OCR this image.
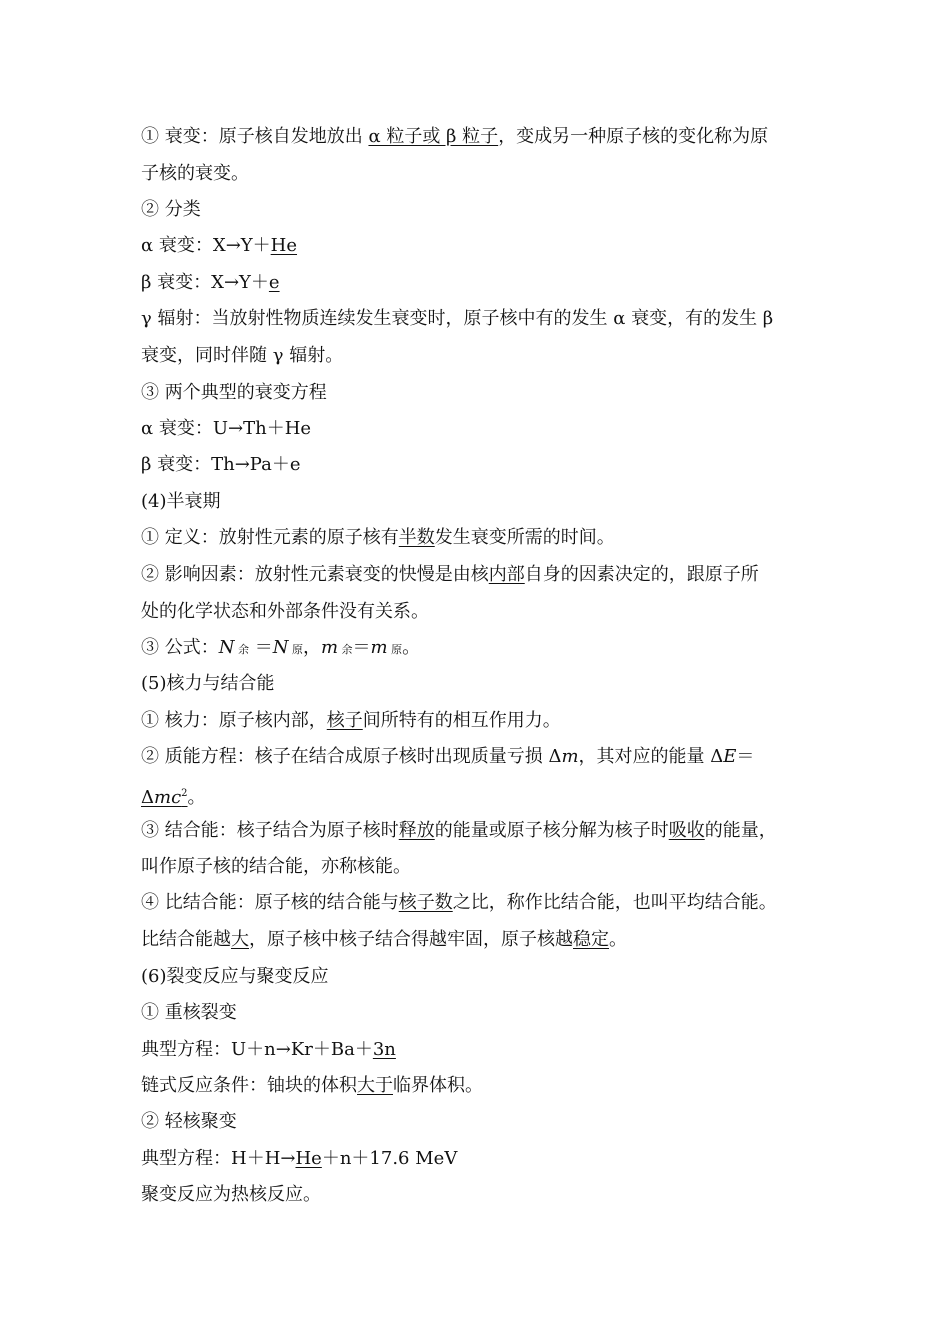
① 衰变：原子核自发地放出 α 粒子或 β 粒子，变成另一种原子核的变化称为原
子核的衰变。
② 分类
α 衰变：X→Y＋He
β 衰变：X→Y＋e
γ 辐射：当放射性物质连续发生衰变时，原子核中有的发生 α 衰变，有的发生 β
衰变，同时伴随 γ 辐射。
③ 两个典型的衰变方程
α 衰变：U→Th＋He
β 衰变：Th→Pa＋e
(4)半衰期
① 定义：放射性元素的原子核有半数发生衰变所需的时间。
② 影响因素：放射性元素衰变的快慢是由核内部自身的因素决定的，跟原子所
处的化学状态和外部条件没有关系。
③ 公式：N 余 ＝N 原，m 余＝m 原。
(5)核力与结合能
① 核力：原子核内部，核子间所特有的相互作用力。
② 质能方程：核子在结合成原子核时出现质量亏损 Δm，其对应的能量 ΔE＝
Δmc$^2$。
③ 结合能：核子结合为原子核时释放的能量或原子核分解为核子时吸收的能量，
叫作原子核的结合能，亦称核能。
④ 比结合能：原子核的结合能与核子数之比，称作比结合能，也叫平均结合能。
比结合能越大，原子核中核子结合得越牢固，原子核越稳定。
(6)裂变反应与聚变反应
① 重核裂变
典型方程：U＋n→Kr＋Ba＋3n
链式反应条件：铀块的体积大于临界体积。
② 轻核聚变
典型方程：H＋H→He＋n＋17.6 MeV
聚变反应为热核反应。
